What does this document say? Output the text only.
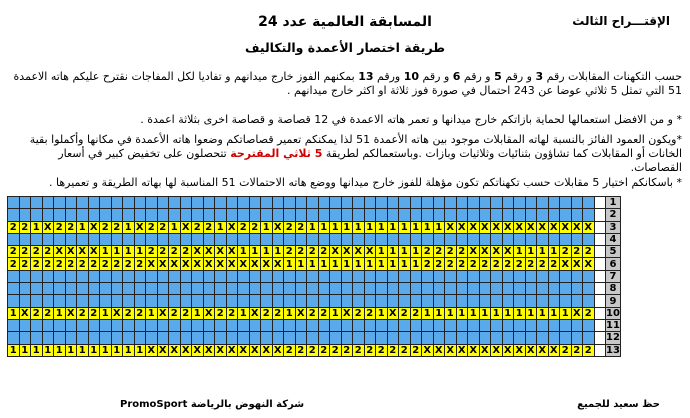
الإقتـــراح الثالث
المسابقة العالمية عدد 24
طريقة اختصار الأعمدة والتكاليف
حسب التكهنات المقابلات رقم 3 و رقم 5 و رقم 6 و رقم 10 ورقم 13 بمكنهم الفوز خارج ميدانهم و تفاديا لكل المفاجات نقترح عليكم هاته الاعمدة 51 التي تمثل 5 ثلاثي عوضا عن 243 احتمال في صورة فوز ثلاثة او اكثر خارج ميدانهم .
* و من الافضل استعمالها لحماية بازاتكم خارج ميدانها و تعمر هاته الاعمدة في 12 قصاصة و قصاصة اخرى بثلاثة اعمدة .
*ويكون العمود الفائز بالنسبة لهاته المقابلات موجود بين هاته الأعمدة 51 لذا يمكنكم تعمير قصاصاتكم وضعوا هاته الأعمدة في مكانها وأكملوا بقية الخانات أو المقابلات كما تشاؤون بثنائيات وثلاثيات وبازات .وباستعمالكم لطريقة 5 ثلاثي المقترحة تتحصلون على تخفيض كبير في أسعار القصاصات.
* باسكانكم اختيار 5 مقابلات حسب تكهناتكم تكون مؤهلة للفوز خارج ميدانها ووضع هاته الاحتمالات 51 المناسبة لها بهاته الطريقة و تعميرها .
																																																				1
																																																				2
2	2	1	X	2	2	1	X	2	2	1	X	2	2	1	X	2	2	1	X	2	2	1	X	2	2	1	1	1	1	1	1	1	1	1	1	1	1	X	X	X	X	X	X	X	X	X	X	X	X	X		3
																																																				4
2	2	2	2	X	X	X	X	1	1	1	1	2	2	2	2	X	X	X	X	1	1	1	1	2	2	2	2	X	X	X	X	1	1	1	1	2	2	2	2	X	X	X	X	1	1	1	1	2	2	2		5
2	2	2	2	2	2	2	2	2	2	2	2	X	X	X	X	X	X	X	X	X	X	X	X	1	1	1	1	1	1	1	1	1	1	1	1	2	2	2	2	2	2	2	2	2	2	2	2	X	X	X		6
																																																				7
																																																				8
																																																				9
1	X	2	2	1	X	2	2	1	X	2	2	1	X	2	2	1	X	2	2	1	X	2	2	1	X	2	2	1	X	2	2	1	X	2	2	1	1	1	1	1	1	1	1	1	1	1	1	1	X	2		10
																																																				11
																																																				12
1	1	1	1	1	1	1	1	1	1	1	1	X	X	X	X	X	X	X	X	X	X	X	X	2	2	2	2	2	2	2	2	2	2	2	2	X	X	X	X	X	X	X	X	X	X	X	X	2	2	2		13
شركة النهوض بالرياضة PromoSport	حظ سعيد للجميع
